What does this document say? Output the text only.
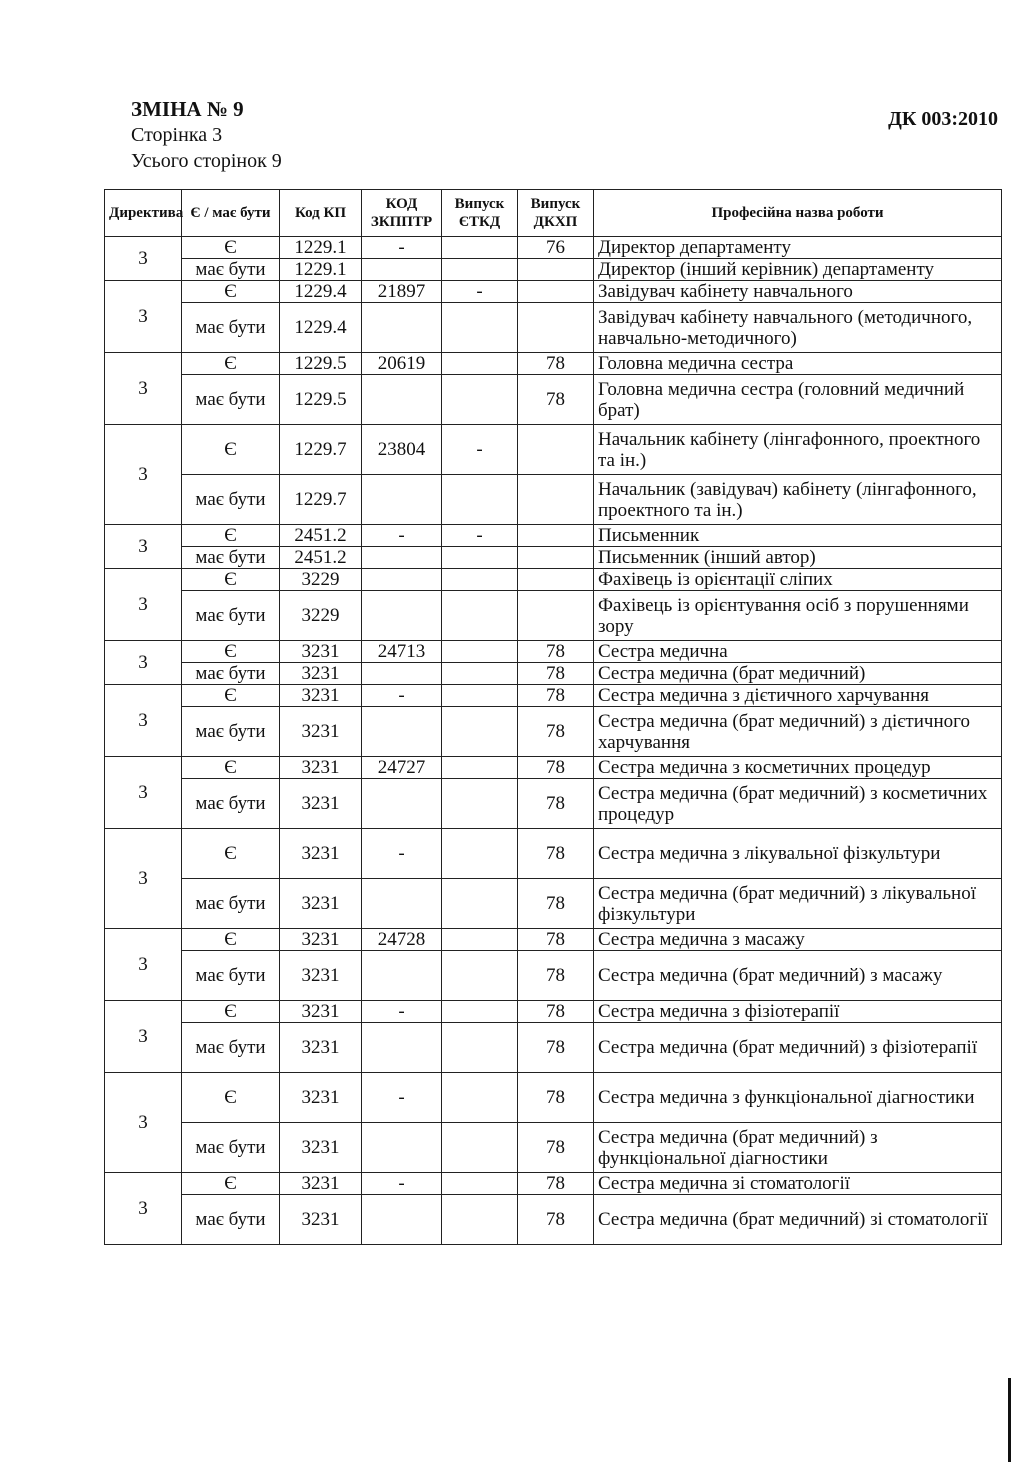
ЗМІНА № 9
Сторінка 3
Усього сторінок 9
ДК 003:2010
Директива	Є / має бути	Код КП	КОД ЗКППТР	Випуск ЄТКД	Випуск ДКХП	Професійна назва роботи
3	Є	1229.1	-		76	Директор департаменту
	має бути	1229.1				Директор (інший керівник) департаменту
3	Є	1229.4	21897	-		Завідувач кабінету навчального
	має бути	1229.4				Завідувач кабінету навчального (методичного, навчально-методичного)
3	Є	1229.5	20619		78	Головна медична сестра
	має бути	1229.5			78	Головна медична сестра (головний медичний брат)
3	Є	1229.7	23804	-		Начальник кабінету (лінгафонного, проектного та ін.)
	має бути	1229.7				Начальник (завідувач) кабінету (лінгафонного, проектного та ін.)
3	Є	2451.2	-	-		Письменник
	має бути	2451.2				Письменник (інший автор)
3	Є	3229				Фахівець із орієнтації сліпих
	має бути	3229				Фахівець із орієнтування осіб з порушеннями зору
3	Є	3231	24713		78	Сестра медична
	має бути	3231			78	Сестра медична (брат медичний)
3	Є	3231	-		78	Сестра медична з дієтичного харчування
	має бути	3231			78	Сестра медична (брат медичний) з дієтичного харчування
3	Є	3231	24727		78	Сестра медична з косметичних процедур
	має бути	3231			78	Сестра медична (брат медичний) з косметичних процедур
3	Є	3231	-		78	Сестра медична з лікувальної фізкультури
	має бути	3231			78	Сестра медична (брат медичний) з лікувальної фізкультури
3	Є	3231	24728		78	Сестра медична з масажу
	має бути	3231			78	Сестра медична (брат медичний) з масажу
3	Є	3231	-		78	Сестра медична з фізіотерапії
	має бути	3231			78	Сестра медична (брат медичний) з фізіотерапії
3	Є	3231	-		78	Сестра медична з функціональної діагностики
	має бути	3231			78	Сестра медична (брат медичний) з функціональної діагностики
3	Є	3231	-		78	Сестра медична зі стоматології
	має бути	3231			78	Сестра медична (брат медичний) зі стоматології
